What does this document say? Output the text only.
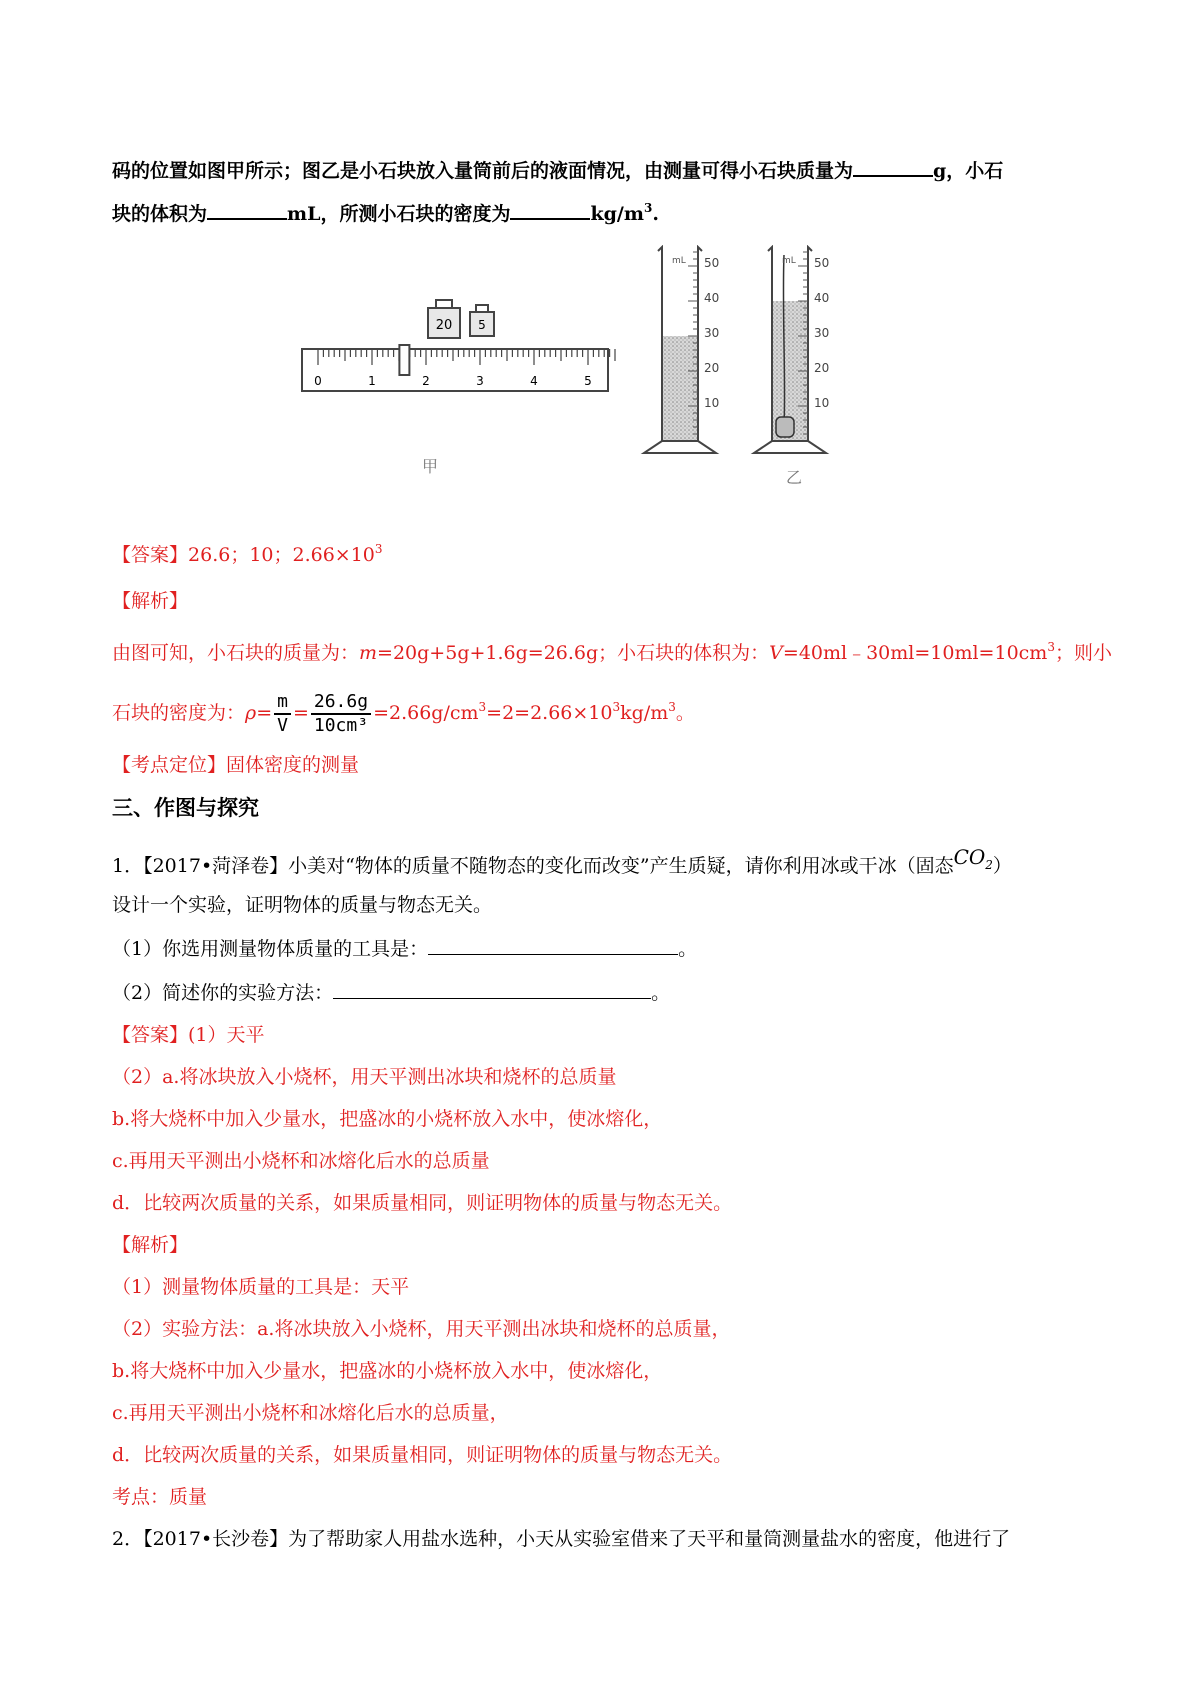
码的位置如图甲所示；图乙是小石块放入量筒前后的液面情况，由测量可得小石块质量为	g，小石
块的体积为	mL，所测小石块的密度为	$kg/m^3$.
20 5
0	1	2	3	4	5
甲
mL 50
40
30
20
10
mL 50
40
30
20
10
乙
【答案】26.6；10；$2.66\times 10^3$
【解析】
由图可知，小石块的质量为：m=20g+5g+1.6g=26.6g；小石块的体积为：$V=40ml﹣30ml=10ml=10cm^3$；则小
石块的密度为：$\rho= \frac{m}{V} = \frac{26.6g}{\text{10cm³}} =2.66g/cm^3=2=2.66\times 10^3kg/m^3$。
【考点定位】固体密度的测量
三、作图与探究
1．【2017•菏泽卷】小美对“物体的质量不随物态的变化而改变”产生质疑，请你利用冰或干冰（固态$CO_2$）
设计一个实验，证明物体的质量与物态无关。
（1）你选用测量物体质量的工具是：	。
（2）简述你的实验方法：	。
【答案】(1）天平
（2）a.将冰块放入小烧杯，用天平测出冰块和烧杯的总质量
b.将大烧杯中加入少量水，把盛冰的小烧杯放入水中，使冰熔化，
c.再用天平测出小烧杯和冰熔化后水的总质量
d．比较两次质量的关系，如果质量相同，则证明物体的质量与物态无关。
【解析】
（1）测量物体质量的工具是：天平
（2）实验方法：a.将冰块放入小烧杯，用天平测出冰块和烧杯的总质量，
b.将大烧杯中加入少量水，把盛冰的小烧杯放入水中，使冰熔化，
c.再用天平测出小烧杯和冰熔化后水的总质量，
d．比较两次质量的关系，如果质量相同，则证明物体的质量与物态无关。
考点：质量
2．【2017•长沙卷】为了帮助家人用盐水选种，小天从实验室借来了天平和量筒测量盐水的密度，他进行了
